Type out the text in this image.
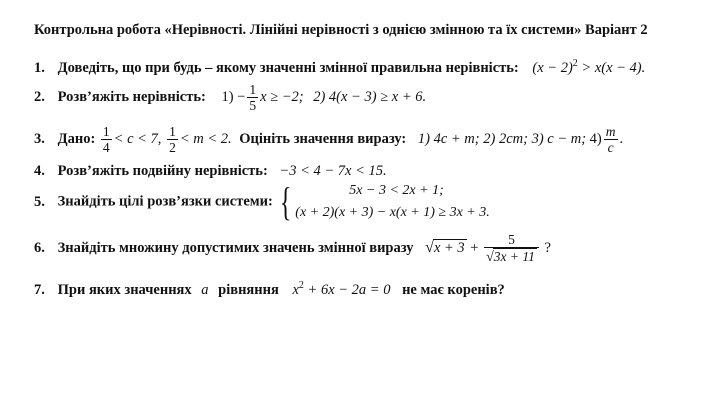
Контрольна робота «Нерівності. Лінійні нерівності з однією змінною та їх системи» Варіант 2
1. Доведіть, що при будь – якому значенні змінної правильна нерівність: $(x - 2)^2 > x(x - 4)$.
2. Розв’яжіть нерівність: $1) - \frac{1}{5}$ x ≥ −2; 2) 4(x − 3) ≥ x + 6.
3. Дано: $\frac{1}{4} < c < 7$, $\frac{1}{2} < m < 2$. Оцініть значення виразу: 1) 4c + m; 2) 2cm; 3) c − m; $4) \frac{m}{c}$ .
4. Розв’яжіть подвійну нерівність: −3 < 4 − 7x < 15.
5. Знайдіть цілі розв’язки системи: {	5x − 3 < 2x + 1;
(x + 2)(x + 3) − x(x + 1) ≥ 3x + 3.
6. Знайдіть множину допустимих значень змінної виразу $√x + 3 + \frac{5}{√3x + 11}$ ?
7. При яких значеннях a рівняння $x^2 + 6x - 2a = 0$ не має коренів?
